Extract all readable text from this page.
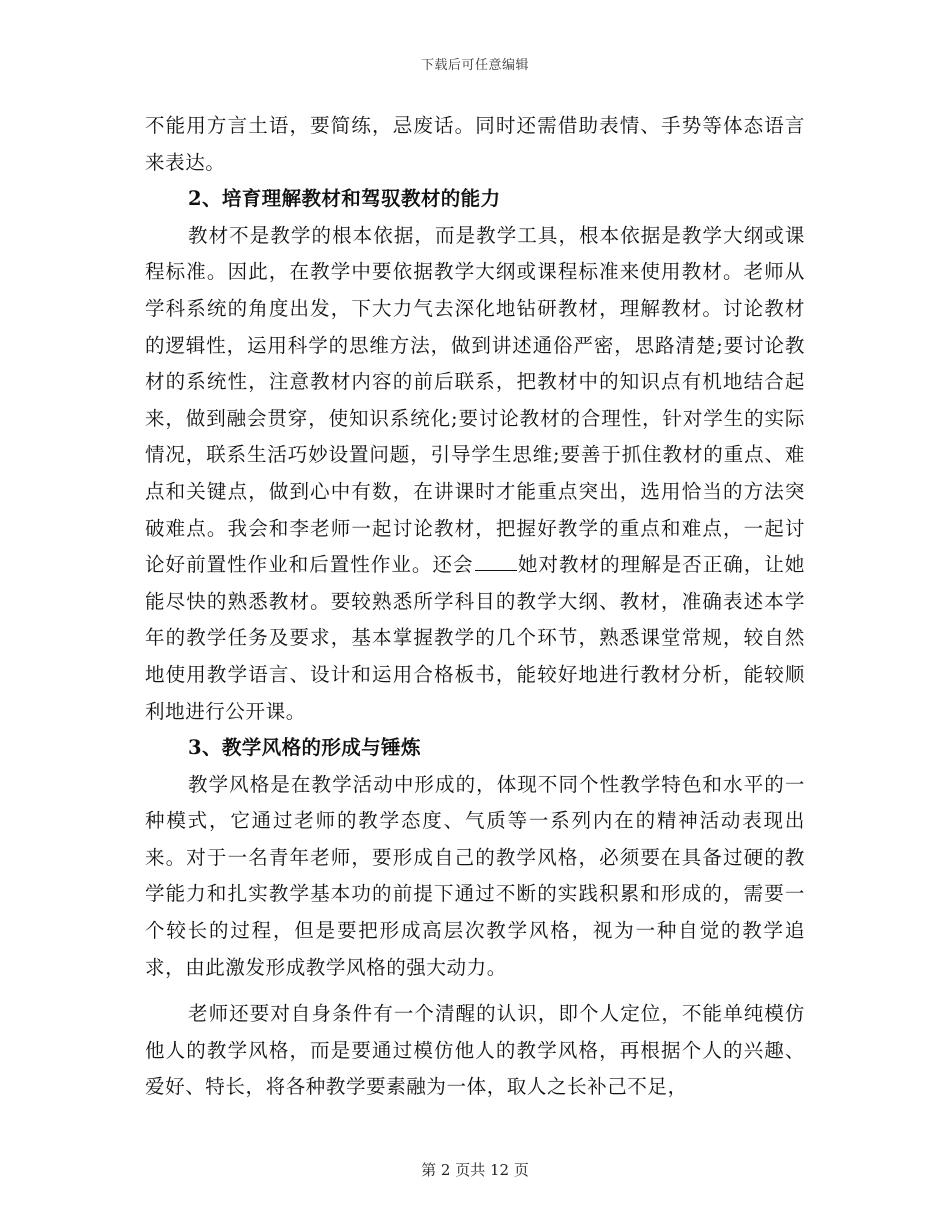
下载后可任意编辑

不能用方言土语，要简练，忌废话。同时还需借助表情、手势等体态语言来表达。

2、培育理解教材和驾驭教材的能力

教材不是教学的根本依据，而是教学工具，根本依据是教学大纲或课程标准。因此，在教学中要依据教学大纲或课程标准来使用教材。老师从学科系统的角度出发，下大力气去深化地钻研教材，理解教材。讨论教材的逻辑性，运用科学的思维方法，做到讲述通俗严密，思路清楚;要讨论教材的系统性，注意教材内容的前后联系，把教材中的知识点有机地结合起来，做到融会贯穿，使知识系统化;要讨论教材的合理性，针对学生的实际情况，联系生活巧妙设置问题，引导学生思维;要善于抓住教材的重点、难点和关键点，做到心中有数，在讲课时才能重点突出，选用恰当的方法突破难点。我会和李老师一起讨论教材，把握好教学的重点和难点，一起讨论好前置性作业和后置性作业。还会 她对教材的理解是否正确，让她能尽快的熟悉教材。要较熟悉所学科目的教学大纲、教材，准确表述本学年的教学任务及要求，基本掌握教学的几个环节，熟悉课堂常规，较自然地使用教学语言、设计和运用合格板书，能较好地进行教材分析，能较顺利地进行公开课。

3、教学风格的形成与锤炼

教学风格是在教学活动中形成的，体现不同个性教学特色和水平的一种模式，它通过老师的教学态度、气质等一系列内在的精神活动表现出来。对于一名青年老师，要形成自己的教学风格，必须要在具备过硬的教学能力和扎实教学基本功的前提下通过不断的实践积累和形成的，需要一个较长的过程，但是要把形成高层次教学风格，视为一种自觉的教学追求，由此激发形成教学风格的强大动力。

老师还要对自身条件有一个清醒的认识，即个人定位，不能单纯模仿他人的教学风格，而是要通过模仿他人的教学风格，再根据个人的兴趣、爱好、特长，将各种教学要素融为一体，取人之长补己不足，

第 2 页共 12 页
